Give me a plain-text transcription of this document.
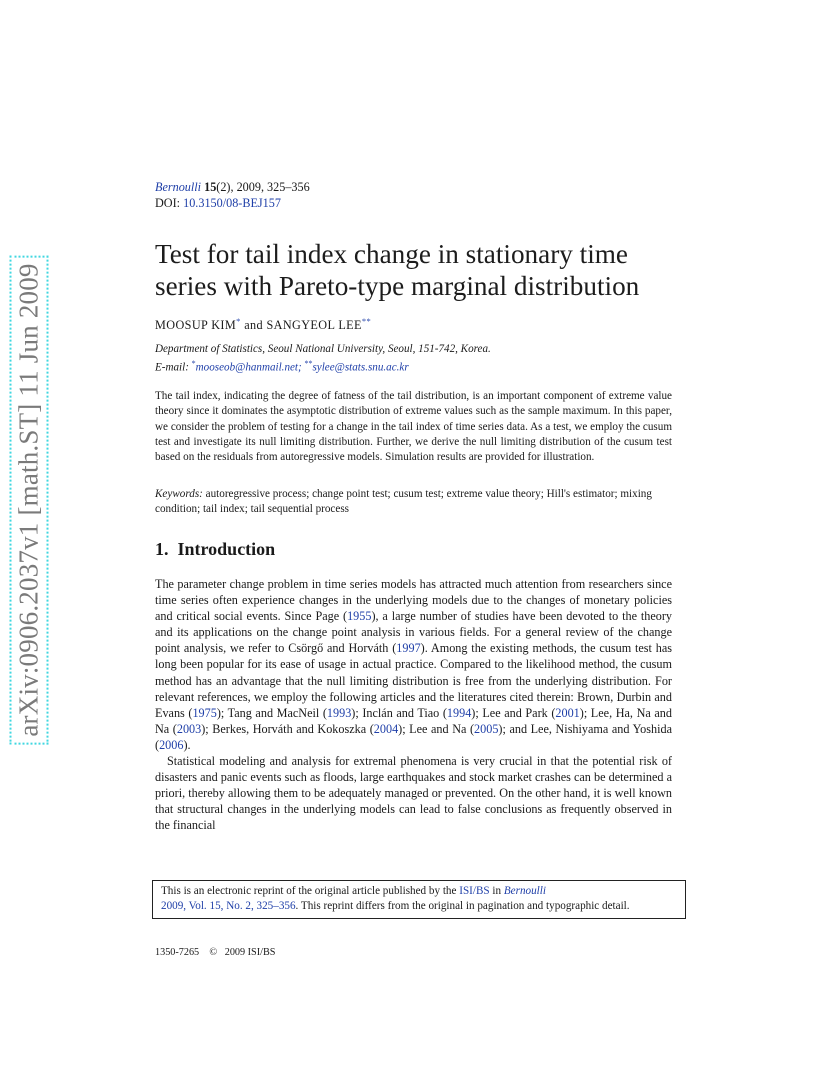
arXiv:0906.2037v1 [math.ST] 11 Jun 2009
Bernoulli 15(2), 2009, 325–356
DOI: 10.3150/08-BEJ157
Test for tail index change in stationary time series with Pareto-type marginal distribution
MOOSUP KIM* and SANGYEOL LEE**
Department of Statistics, Seoul National University, Seoul, 151-742, Korea.
E-mail: *mooseob@hanmail.net; **sylee@stats.snu.ac.kr
The tail index, indicating the degree of fatness of the tail distribution, is an important component of extreme value theory since it dominates the asymptotic distribution of extreme values such as the sample maximum. In this paper, we consider the problem of testing for a change in the tail index of time series data. As a test, we employ the cusum test and investigate its null limiting distribution. Further, we derive the null limiting distribution of the cusum test based on the residuals from autoregressive models. Simulation results are provided for illustration.
Keywords: autoregressive process; change point test; cusum test; extreme value theory; Hill's estimator; mixing condition; tail index; tail sequential process
1. Introduction

The parameter change problem in time series models has attracted much attention from researchers since time series often experience changes in the underlying models due to the changes of monetary policies and critical social events. Since Page (1955), a large number of studies have been devoted to the theory and its applications on the change point analysis in various fields. For a general review of the change point analysis, we refer to Csörgő and Horváth (1997). Among the existing methods, the cusum test has long been popular for its ease of usage in actual practice. Compared to the likelihood method, the cusum method has an advantage that the null limiting distribution is free from the underlying distribution. For relevant references, we employ the following articles and the literatures cited therein: Brown, Durbin and Evans (1975); Tang and MacNeil (1993); Inclán and Tiao (1994); Lee and Park (2001); Lee, Ha, Na and Na (2003); Berkes, Horváth and Kokoszka (2004); Lee and Na (2005); and Lee, Nishiyama and Yoshida (2006).

Statistical modeling and analysis for extremal phenomena is very crucial in that the potential risk of disasters and panic events such as floods, large earthquakes and stock market crashes can be determined a priori, thereby allowing them to be adequately managed or prevented. On the other hand, it is well known that structural changes in the underlying models can lead to false conclusions as frequently observed in the financial

This is an electronic reprint of the original article published by the ISI/BS in Bernoulli
2009, Vol. 15, No. 2, 325–356. This reprint differs from the original in pagination and typographic detail.
1350-7265 © 2009 ISI/BS
